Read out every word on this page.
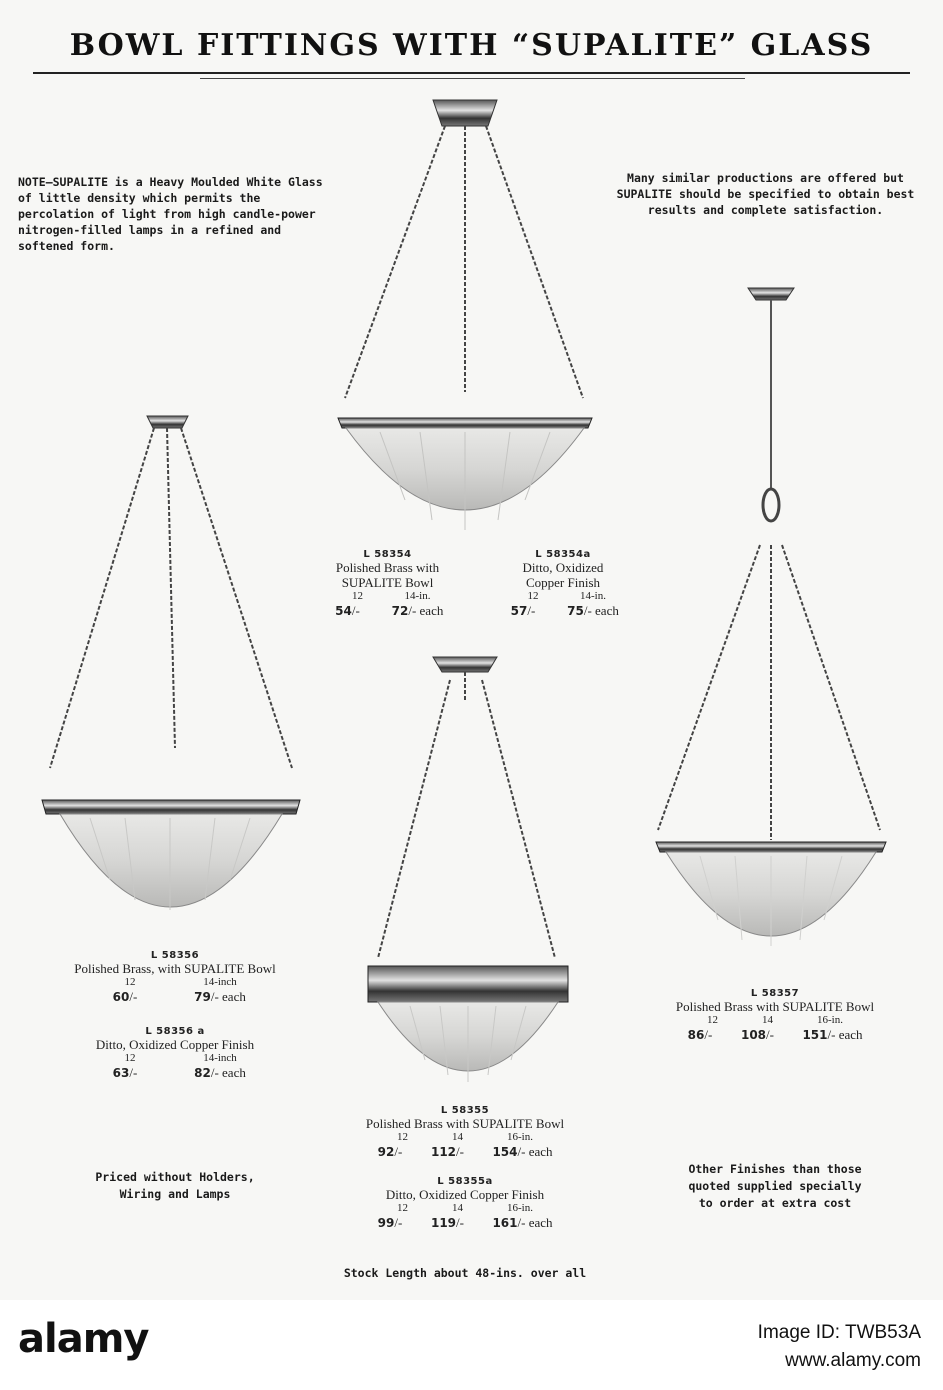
BOWL FITTINGS WITH “SUPALITE” GLASS
NOTE—SUPALITE is a Heavy Moulded White Glass of little density which permits the percolation of light from high candle-power nitrogen-filled lamps in a refined and softened form.
Many similar productions are offered but SUPALITE should be specified to obtain best results and complete satisfaction.
L 58354
Polished Brass with
SUPALITE Bowl
12	14-in.
54/-	72/- each
L 58354a
Ditto, Oxidized
Copper Finish
12	14-in.
57/-	75/- each
L 58356
Polished Brass, with SUPALITE Bowl
12	14-inch
60/-	79/- each
L 58356 a
Ditto, Oxidized Copper Finish
12	14-inch
63/-	82/- each
L 58355
Polished Brass with SUPALITE Bowl
12	14	16-in.
92/- 112/- 154/- each
L 58355a
Ditto, Oxidized Copper Finish
12	14	16-in.
99/- 119/- 161/- each
L 58357
Polished Brass with SUPALITE Bowl
12	14	16-in.
86/- 108/- 151/- each
Priced without Holders,
Wiring and Lamps
Other Finishes than those
quoted supplied specially
to order at extra cost
Stock Length about 48-ins. over all
alamy	Image ID: TWB53A
www.alamy.com
